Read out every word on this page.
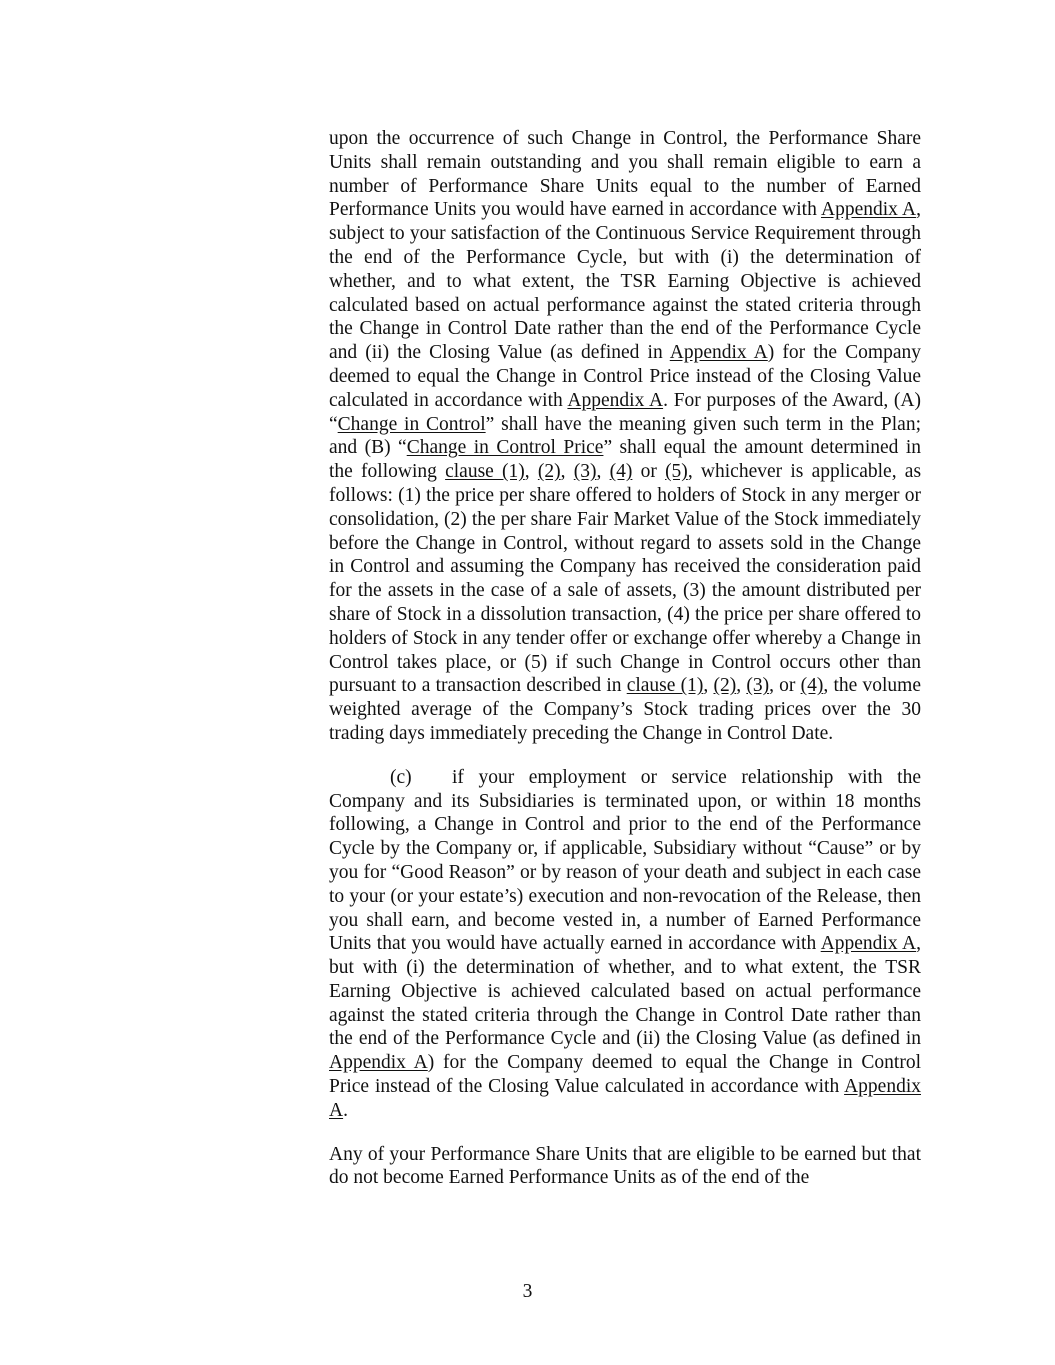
upon the occurrence of such Change in Control, the Performance Share Units shall remain outstanding and you shall remain eligible to earn a number of Performance Share Units equal to the number of Earned Performance Units you would have earned in accordance with Appendix A, subject to your satisfaction of the Continuous Service Requirement through the end of the Performance Cycle, but with (i) the determination of whether, and to what extent, the TSR Earning Objective is achieved calculated based on actual performance against the stated criteria through the Change in Control Date rather than the end of the Performance Cycle and (ii) the Closing Value (as defined in Appendix A) for the Company deemed to equal the Change in Control Price instead of the Closing Value calculated in accordance with Appendix A. For purposes of the Award, (A) “Change in Control” shall have the meaning given such term in the Plan; and (B) “Change in Control Price” shall equal the amount determined in the following clause (1), (2), (3), (4) or (5), whichever is applicable, as follows: (1) the price per share offered to holders of Stock in any merger or consolidation, (2) the per share Fair Market Value of the Stock immediately before the Change in Control, without regard to assets sold in the Change in Control and assuming the Company has received the consideration paid for the assets in the case of a sale of assets, (3) the amount distributed per share of Stock in a dissolution transaction, (4) the price per share offered to holders of Stock in any tender offer or exchange offer whereby a Change in Control takes place, or (5) if such Change in Control occurs other than pursuant to a transaction described in clause (1), (2), (3), or (4), the volume weighted average of the Company’s Stock trading prices over the 30 trading days immediately preceding the Change in Control Date.

(c) if your employment or service relationship with the Company and its Subsidiaries is terminated upon, or within 18 months following, a Change in Control and prior to the end of the Performance Cycle by the Company or, if applicable, Subsidiary without “Cause” or by you for “Good Reason” or by reason of your death and subject in each case to your (or your estate’s) execution and non-revocation of the Release, then you shall earn, and become vested in, a number of Earned Performance Units that you would have actually earned in accordance with Appendix A, but with (i) the determination of whether, and to what extent, the TSR Earning Objective is achieved calculated based on actual performance against the stated criteria through the Change in Control Date rather than the end of the Performance Cycle and (ii) the Closing Value (as defined in Appendix A) for the Company deemed to equal the Change in Control Price instead of the Closing Value calculated in accordance with Appendix A.

Any of your Performance Share Units that are eligible to be earned but that do not become Earned Performance Units as of the end of the

3
